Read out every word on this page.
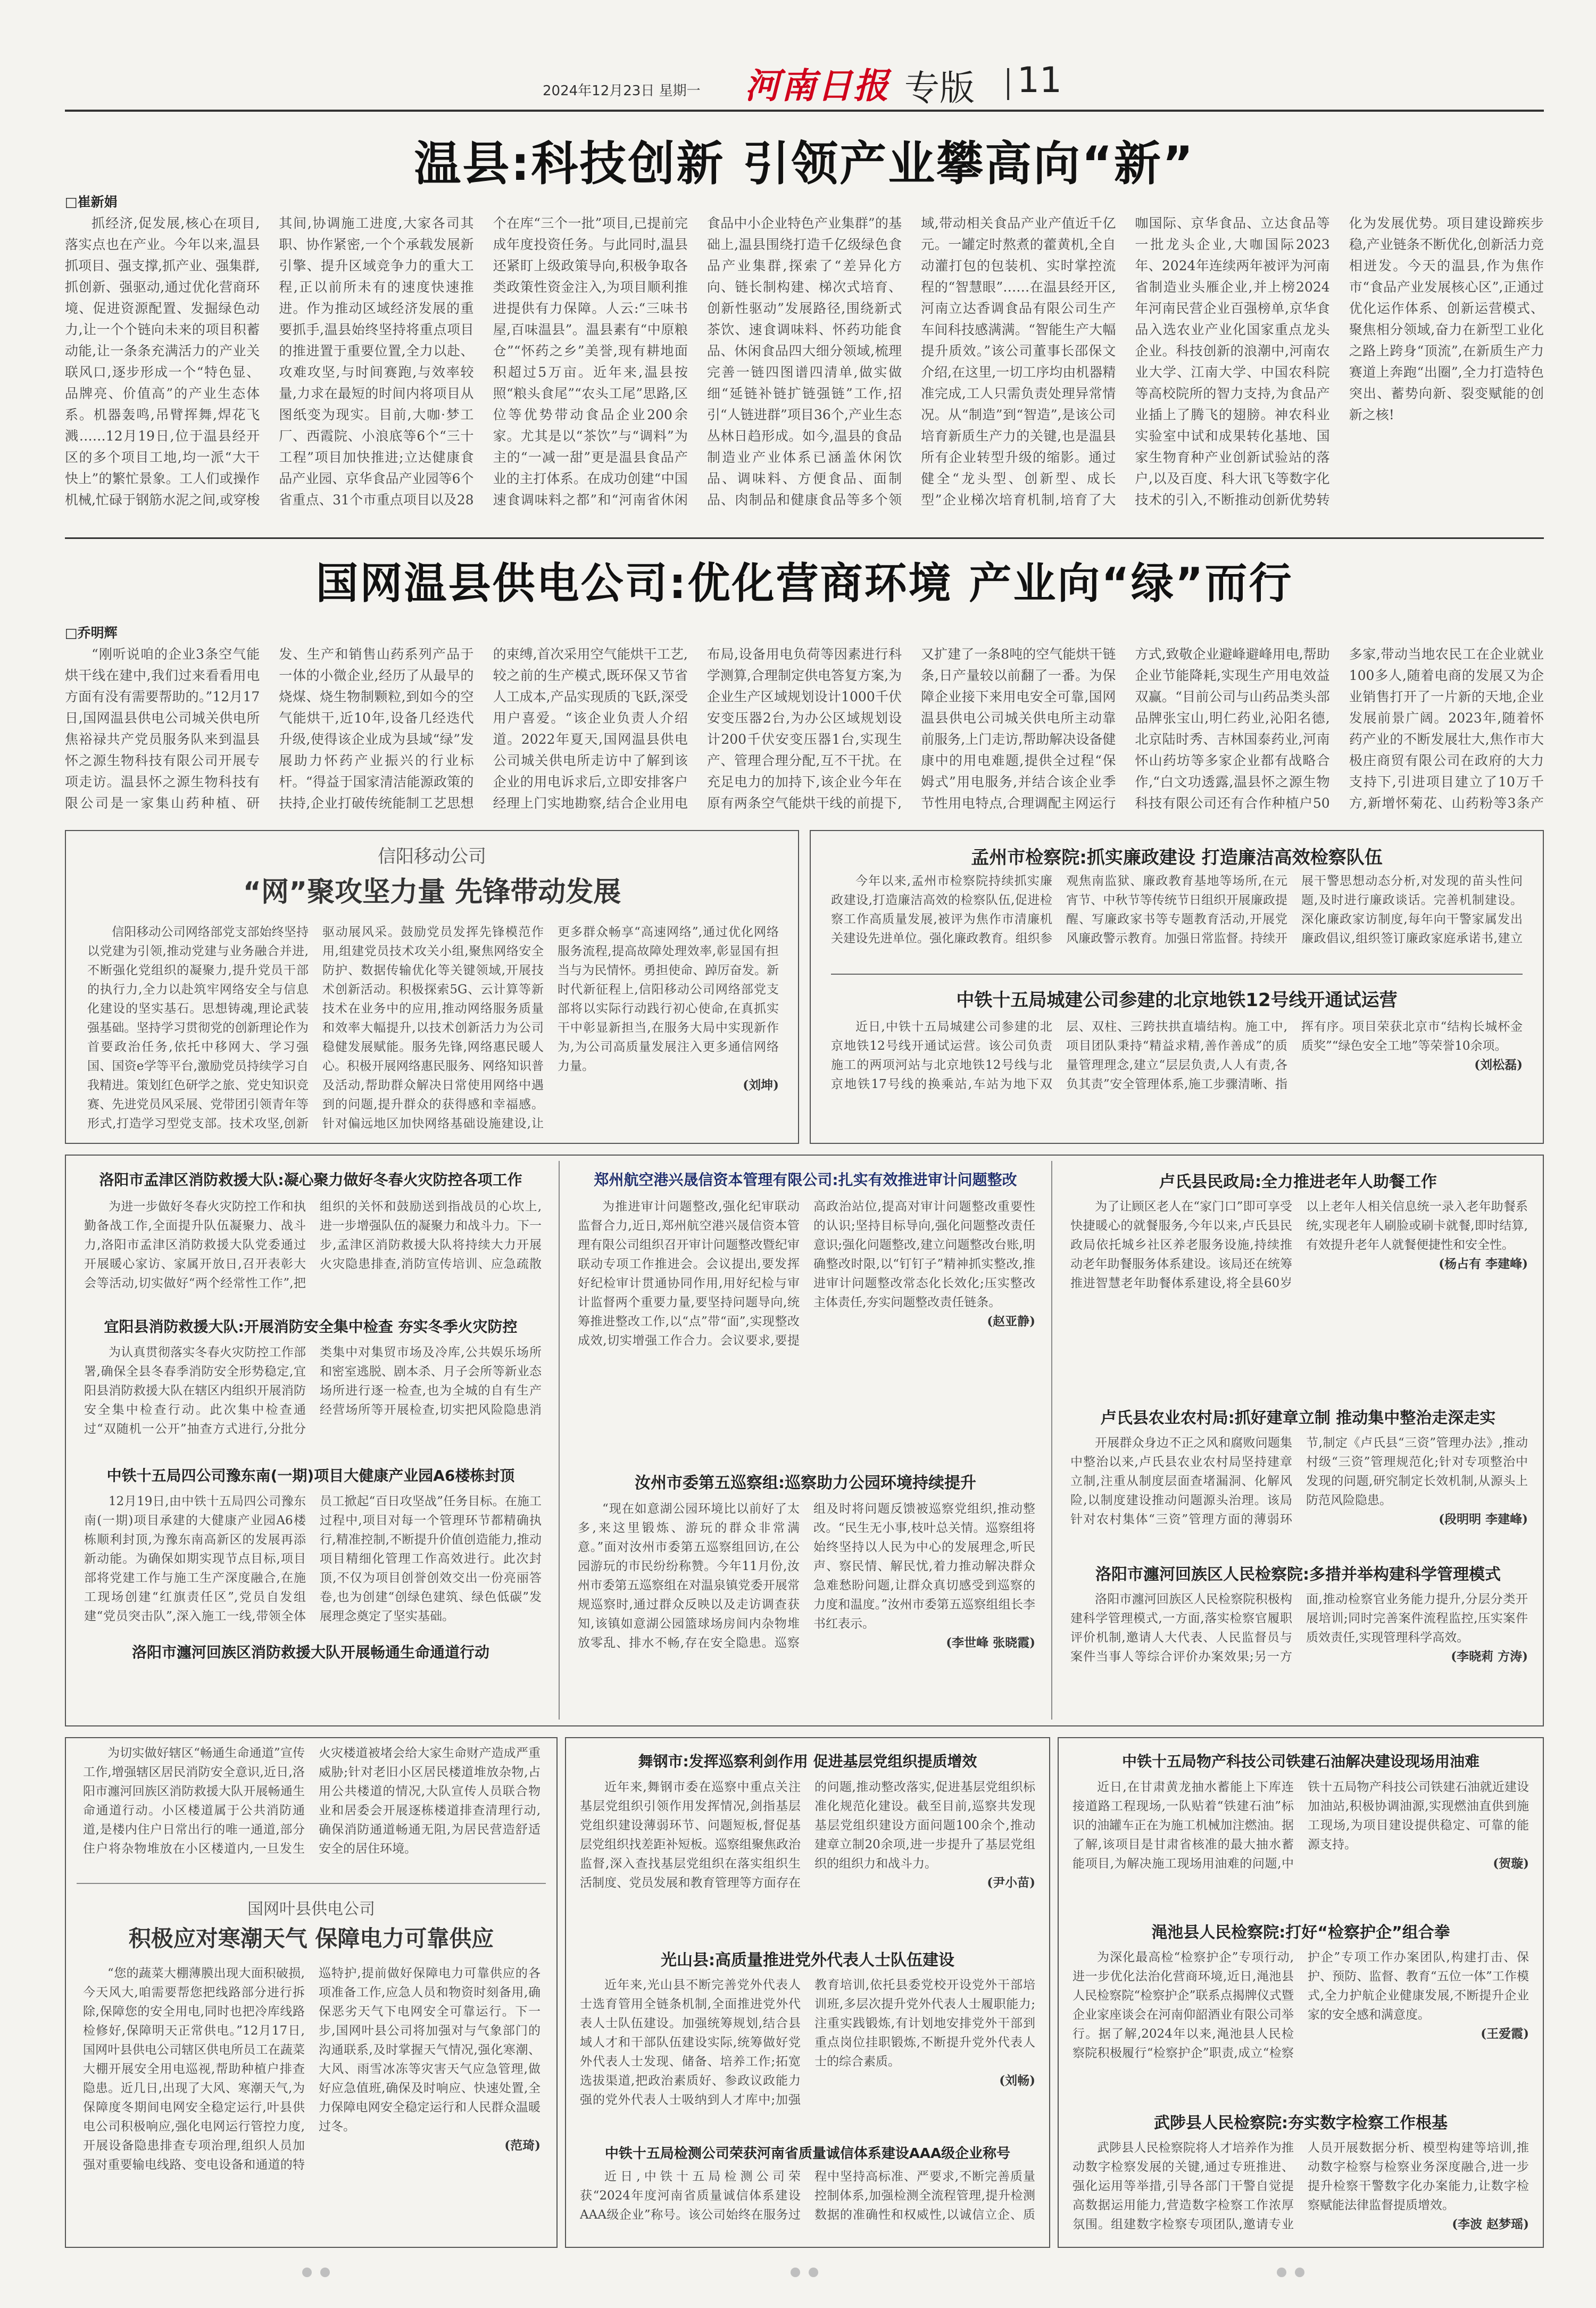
2024年12月23日 星期一	河南日报 专版	11
温县:科技创新 引领产业攀高向“新”
□崔新娟

抓经济,促发展,核心在项目,落实点也在产业。今年以来,温县抓项目、强支撑,抓产业、强集群,抓创新、强驱动,通过优化营商环境、促进资源配置、发掘绿色动力,让一个个链向未来的项目积蓄动能,让一条条充满活力的产业关联风口,逐步形成一个“特色显、品牌亮、价值高”的产业生态体系。机器轰鸣,吊臂挥舞,焊花飞溅……12月19日,位于温县经开区的多个项目工地,均一派“大干快上”的繁忙景象。工人们或操作机械,忙碌于钢筋水泥之间,或穿梭其间,协调施工进度,大家各司其职、协作紧密,一个个承载发展新引擎、提升区域竞争力的重大工程,正以前所未有的速度快速推进。作为推动区域经济发展的重要抓手,温县始终坚持将重点项目的推进置于重要位置,全力以赴、攻难攻坚,与时间赛跑,与效率较量,力求在最短的时间内将项目从图纸变为现实。目前,大咖·梦工厂、西霞院、小浪底等6个“三十工程”项目加快推进;立达健康食品产业园、京华食品产业园等6个省重点、31个市重点项目以及28个在库“三个一批”项目,已提前完成年度投资任务。与此同时,温县还紧盯上级政策导向,积极争取各类政策性资金注入,为项目顺利推进提供有力保障。人云:“三味书屋,百味温县”。温县素有“中原粮仓”“怀药之乡”美誉,现有耕地面积超过5万亩。近年来,温县按照“粮头食尾”“农头工尾”思路,区位等优势带动食品企业200余家。尤其是以“茶饮”与“调料”为主的“一减一甜”更是温县食品产业的主打体系。在成功创建“中国速食调味料之都”和“河南省休闲食品中小企业特色产业集群”的基础上,温县围绕打造千亿级绿色食品产业集群,探索了“差异化方向、链长制构建、梯次式培育、创新性驱动”发展路径,围绕新式茶饮、速食调味料、怀药功能食品、休闲食品四大细分领域,梳理完善一链四图谱四清单,做实做细“延链补链扩链强链”工作,招引“人链进群”项目36个,产业生态丛林日趋形成。如今,温县的食品制造业产业体系已涵盖休闲饮品、调味料、方便食品、面制品、肉制品和健康食品等多个领域,带动相关食品产业产值近千亿元。一罐定时熬煮的藿黄机,全自动灌打包的包装机、实时掌控流程的“智慧眼”……在温县经开区,河南立达香调食品有限公司生产车间科技感满满。“智能生产大幅提升质效。”该公司董事长邵保文介绍,在这里,一切工序均由机器精准完成,工人只需负责处理异常情况。从“制造”到“智造”,是该公司培育新质生产力的关键,也是温县所有企业转型升级的缩影。通过健全“龙头型、创新型、成长型”企业梯次培育机制,培育了大咖国际、京华食品、立达食品等一批龙头企业,大咖国际2023年、2024年连续两年被评为河南省制造业头雁企业,并上榜2024年河南民营企业百强榜单,京华食品入选农业产业化国家重点龙头企业。科技创新的浪潮中,河南农业大学、江南大学、中国农科院等高校院所的智力支持,为食品产业插上了腾飞的翅膀。神农科业实验室中试和成果转化基地、国家生物育种产业创新试验站的落户,以及百度、科大讯飞等数字化技术的引入,不断推动创新优势转化为发展优势。项目建设蹄疾步稳,产业链条不断优化,创新活力竞相迸发。今天的温县,作为焦作市“食品产业发展核心区”,正通过优化运作体系、创新运营模式、聚焦相分领域,奋力在新型工业化之路上跨身“顶流”,在新质生产力赛道上奔跑“出圈”,全力打造特色突出、蓄势向新、裂变赋能的创新之核!

国网温县供电公司:优化营商环境 产业向“绿”而行
□乔明辉

“刚听说咱的企业3条空气能烘干线在建中,我们过来看看用电方面有没有需要帮助的。”12月17日,国网温县供电公司城关供电所焦裕禄共产党员服务队来到温县怀之源生物科技有限公司开展专项走访。温县怀之源生物科技有限公司是一家集山药种植、研发、生产和销售山药系列产品于一体的小微企业,经历了从最早的烧煤、烧生物制颗粒,到如今的空气能烘干,近10年,设备几经迭代升级,使得该企业成为县域“绿”发展助力怀药产业振兴的行业标杆。“得益于国家清洁能源政策的扶持,企业打破传统能制工艺思想的束缚,首次采用空气能烘干工艺,较之前的生产模式,既环保又节省人工成本,产品实现质的飞跃,深受用户喜爱。“该企业负责人介绍道。2022年夏天,国网温县供电公司城关供电所走访中了解到该企业的用电诉求后,立即安排客户经理上门实地勘察,结合企业用电布局,设备用电负荷等因素进行科学测算,合理制定供电答复方案,为企业生产区域规划设计1000千伏安变压器2台,为办公区域规划设计200千伏安变压器1台,实现生产、管理合理分配,互不干扰。在充足电力的加持下,该企业今年在原有两条空气能烘干线的前提下,又扩建了一条8吨的空气能烘干链条,日产量较以前翻了一番。为保障企业接下来用电安全可靠,国网温县供电公司城关供电所主动靠前服务,上门走访,帮助解决设备健康中的用电难题,提供全过程“保姆式”用电服务,并结合该企业季节性用电特点,合理调配主网运行方式,致敬企业避峰避峰用电,帮助企业节能降耗,实现生产用电效益双赢。“目前公司与山药品类头部品牌张宝山,明仁药业,沁阳名德,北京陆时秀、吉林国泰药业,河南怀山药坊等多家企业都有战略合作,“白文功透露,温县怀之源生物科技有限公司还有合作种植户50多家,带动当地农民工在企业就业100多人,随着电商的发展又为企业销售打开了一片新的天地,企业发展前景广阔。2023年,随着怀药产业的不断发展壮大,焦作市大极庄商贸有限公司在政府的大力支持下,引进项目建立了10万千方,新增怀菊花、山药粉等3条产

信阳移动公司
“网”聚攻坚力量 先锋带动发展

信阳移动公司网络部党支部始终坚持以党建为引领,推动党建与业务融合并进,不断强化党组织的凝聚力,提升党员干部的执行力,全力以赴筑牢网络安全与信息化建设的坚实基石。思想铸魂,理论武装强基础。坚持学习贯彻党的创新理论作为首要政治任务,依托中移网大、学习强国、国资e学等平台,激励党员持续学习自我精进。策划红色研学之旅、党史知识竞赛、先进党员风采展、党带团引领青年等形式,打造学习型党支部。技术攻坚,创新驱动展风采。鼓励党员发挥先锋模范作用,组建党员技术攻关小组,聚焦网络安全防护、数据传输优化等关键领域,开展技术创新活动。积极探索5G、云计算等新技术在业务中的应用,推动网络服务质量和效率大幅提升,以技术创新活力为公司稳健发展赋能。服务先锋,网络惠民暖人心。积极开展网络惠民服务、网络知识普及活动,帮助群众解决日常使用网络中遇到的问题,提升群众的获得感和幸福感。针对偏远地区加快网络基础设施建设,让更多群众畅享“高速网络”,通过优化网络服务流程,提高故障处理效率,彰显国有担当与为民情怀。勇担使命、踔厉奋发。新时代新征程上,信阳移动公司网络部党支部将以实际行动践行初心使命,在真抓实干中彰显新担当,在服务大局中实现新作为,为公司高质量发展注入更多通信网络力量。

(刘坤)
孟州市检察院:抓实廉政建设 打造廉洁高效检察队伍

今年以来,孟州市检察院持续抓实廉政建设,打造廉洁高效的检察队伍,促进检察工作高质量发展,被评为焦作市清廉机关建设先进单位。强化廉政教育。组织参观焦南监狱、廉政教育基地等场所,在元宵节、中秋节等传统节日组织开展廉政提醒、写廉政家书等专题教育活动,开展党风廉政警示教育。加强日常监督。持续开展干警思想动态分析,对发现的苗头性问题,及时进行廉政谈话。完善机制建设。深化廉政家访制度,每年向干警家属发出廉政倡议,组织签订廉政家庭承诺书,建立

中铁十五局城建公司参建的北京地铁12号线开通试运营

近日,中铁十五局城建公司参建的北京地铁12号线开通试运营。该公司负责施工的两项河站与北京地铁12号线与北京地铁17号线的换乘站,车站为地下双层、双柱、三跨扶拱直墙结构。施工中,项目团队秉持“精益求精,善作善成”的质量管理理念,建立“层层负责,人人有责,各负其责”安全管理体系,施工步骤清晰、指挥有序。项目荣获北京市“结构长城杯金质奖”“绿色安全工地”等荣誉10余项。

(刘松磊)
洛阳市孟津区消防救援大队:凝心聚力做好冬春火灾防控各项工作

为进一步做好冬春火灾防控工作和执勤备战工作,全面提升队伍凝聚力、战斗力,洛阳市孟津区消防救援大队党委通过开展暖心家访、家属开放日,召开表彰大会等活动,切实做好“两个经常性工作”,把组织的关怀和鼓励送到指战员的心坎上,进一步增强队伍的凝聚力和战斗力。下一步,孟津区消防救援大队将持续大力开展火灾隐患排查,消防宣传培训、应急疏散

宜阳县消防救援大队:开展消防安全集中检查 夯实冬季火灾防控

为认真贯彻落实冬春火灾防控工作部署,确保全县冬春季消防安全形势稳定,宜阳县消防救援大队在辖区内组织开展消防安全集中检查行动。此次集中检查通过“双随机一公开”抽查方式进行,分批分类集中对集贸市场及冷库,公共娱乐场所和密室逃脱、剧本杀、月子会所等新业态场所进行逐一检查,也为全城的自有生产经营场所等开展检查,切实把风险隐患消

中铁十五局四公司豫东南(一期)项目大健康产业园A6楼栋封顶

12月19日,由中铁十五局四公司豫东南(一期)项目承建的大健康产业园A6楼栋顺利封顶,为豫东南高新区的发展再添新动能。为确保如期实现节点目标,项目部将党建工作与施工生产深度融合,在施工现场创建“红旗责任区”,党员自发组建“党员突击队”,深入施工一线,带领全体员工掀起“百日攻坚战”任务目标。在施工过程中,项目对每一个管理环节都精确执行,精准控制,不断提升价值创造能力,推动项目精细化管理工作高效进行。此次封顶,不仅为项目创誉创效交出一份亮丽答卷,也为创建“创绿色建筑、绿色低碳”发展理念奠定了坚实基础。

洛阳市瀍河回族区消防救援大队开展畅通生命通道行动
郑州航空港兴晟信资本管理有限公司:扎实有效推进审计问题整改

为推进审计问题整改,强化纪审联动监督合力,近日,郑州航空港兴晟信资本管理有限公司组织召开审计问题整改暨纪审联动专项工作推进会。会议提出,要发挥好纪检审计贯通协同作用,用好纪检与审计监督两个重要力量,要坚持问题导向,统筹推进整改工作,以“点”带“面”,实现整改成效,切实增强工作合力。会议要求,要提高政治站位,提高对审计问题整改重要性的认识;坚持目标导向,强化问题整改责任意识;强化问题整改,建立问题整改台账,明确整改时限,以“钉钉子”精神抓实整改,推进审计问题整改常态化长效化;压实整改主体责任,夯实问题整改责任链条。

(赵亚静)
汝州市委第五巡察组:巡察助力公园环境持续提升

“现在如意湖公园环境比以前好了太多,来这里锻炼、游玩的群众非常满意。”面对汝州市委第五巡察组回访,在公园游玩的市民纷纷称赞。今年11月份,汝州市委第五巡察组在对温泉镇党委开展常规巡察时,通过群众反映以及走访调查获知,该镇如意湖公园篮球场房间内杂物堆放零乱、排水不畅,存在安全隐患。巡察组及时将问题反馈被巡察党组织,推动整改。“民生无小事,枝叶总关情。巡察组将始终坚持以人民为中心的发展理念,听民声、察民情、解民忧,着力推动解决群众急难愁盼问题,让群众真切感受到巡察的力度和温度。”汝州市委第五巡察组组长李书红表示。

(李世峰 张晓霞)
卢氏县民政局:全力推进老年人助餐工作

为了让顾区老人在“家门口”即可享受快捷暖心的就餐服务,今年以来,卢氏县民政局依托城乡社区养老服务设施,持续推动老年助餐服务体系建设。该局还在统筹推进智慧老年助餐体系建设,将全县60岁以上老年人相关信息统一录入老年助餐系统,实现老年人刷脸或刷卡就餐,即时结算,有效提升老年人就餐便捷性和安全性。

(杨占有 李建峰)
卢氏县农业农村局:抓好建章立制 推动集中整治走深走实

开展群众身边不正之风和腐败问题集中整治以来,卢氏县农业农村局坚持建章立制,注重从制度层面查堵漏洞、化解风险,以制度建设推动问题源头治理。该局针对农村集体“三资”管理方面的薄弱环节,制定《卢氏县“三资”管理办法》,推动村级“三资”管理规范化;针对专项整治中发现的问题,研究制定长效机制,从源头上防范风险隐患。

(段明明 李建峰)
洛阳市瀍河回族区人民检察院:多措并举构建科学管理模式

洛阳市瀍河回族区人民检察院积极构建科学管理模式,一方面,落实检察官履职评价机制,邀请人大代表、人民监督员与案件当事人等综合评价办案效果;另一方面,推动检察官业务能力提升,分层分类开展培训;同时完善案件流程监控,压实案件质效责任,实现管理科学高效。

(李晓莉 方涛)

为切实做好辖区“畅通生命通道”宣传工作,增强辖区居民消防安全意识,近日,洛阳市瀍河回族区消防救援大队开展畅通生命通道行动。小区楼道属于公共消防通道,是楼内住户日常出行的唯一通道,部分住户将杂物堆放在小区楼道内,一旦发生火灾楼道被堵会给大家生命财产造成严重威胁;针对老旧小区居民楼道堆放杂物,占用公共楼道的情况,大队宣传人员联合物业和居委会开展逐栋楼道排查清理行动,确保消防通道畅通无阻,为居民营造舒适安全的居住环境。

国网叶县供电公司
积极应对寒潮天气 保障电力可靠供应

“您的蔬菜大棚薄膜出现大面积破损,今天风大,咱需要帮您把线路部分进行拆除,保障您的安全用电,同时也把冷库线路检修好,保障明天正常供电。”12月17日,国网叶县供电公司辖区供电所员工在蔬菜大棚开展安全用电巡视,帮助种植户排查隐患。近几日,出现了大风、寒潮天气,为保障度冬期间电网安全稳定运行,叶县供电公司积极响应,强化电网运行管控力度,开展设备隐患排查专项治理,组织人员加强对重要输电线路、变电设备和通道的特巡特护,提前做好保障电力可靠供应的各项准备工作,应急人员和物资时刻备用,确保恶劣天气下电网安全可靠运行。下一步,国网叶县公司将加强对与气象部门的沟通联系,及时掌握天气情况,强化寒潮、大风、雨雪冰冻等灾害天气应急管理,做好应急值班,确保及时响应、快速处置,全力保障电网安全稳定运行和人民群众温暖过冬。

(范琦)
舞钢市:发挥巡察利剑作用 促进基层党组织提质增效

近年来,舞钢市委在巡察中重点关注基层党组织引领作用发挥情况,剑指基层党组织建设薄弱环节、问题短板,督促基层党组织找差距补短板。巡察组聚焦政治监督,深入查找基层党组织在落实组织生活制度、党员发展和教育管理等方面存在的问题,推动整改落实,促进基层党组织标准化规范化建设。截至目前,巡察共发现基层党组织建设方面问题100余个,推动建章立制20余项,进一步提升了基层党组织的组织力和战斗力。

(尹小苗)
光山县:高质量推进党外代表人士队伍建设

近年来,光山县不断完善党外代表人士选育管用全链条机制,全面推进党外代表人士队伍建设。加强统筹规划,结合县域人才和干部队伍建设实际,统筹做好党外代表人士发现、储备、培养工作;拓宽选拔渠道,把政治素质好、参政议政能力强的党外代表人士吸纳到人才库中;加强教育培训,依托县委党校开设党外干部培训班,多层次提升党外代表人士履职能力;注重实践锻炼,有计划地安排党外干部到重点岗位挂职锻炼,不断提升党外代表人士的综合素质。

(刘畅)
中铁十五局检测公司荣获河南省质量诚信体系建设AAA级企业称号

近日,中铁十五局检测公司荣获“2024年度河南省质量诚信体系建设AAA级企业”称号。该公司始终在服务过程中坚持高标准、严要求,不断完善质量控制体系,加强检测全流程管理,提升检测数据的准确性和权威性,以诚信立企、质

中铁十五局物产科技公司铁建石油解决建设现场用油难

近日,在甘肃黄龙抽水蓄能上下库连接道路工程现场,一队贴着“铁建石油”标识的油罐车正在为施工机械加注燃油。据了解,该项目是甘肃省核准的最大抽水蓄能项目,为解决施工现场用油难的问题,中铁十五局物产科技公司铁建石油就近建设加油站,积极协调油源,实现燃油直供到施工现场,为项目建设提供稳定、可靠的能源支持。

(贺璇)
渑池县人民检察院:打好“检察护企”组合拳

为深化最高检“检察护企”专项行动,进一步优化法治化营商环境,近日,渑池县人民检察院“检察护企”联系点揭牌仪式暨企业家座谈会在河南仰韶酒业有限公司举行。据了解,2024年以来,渑池县人民检察院积极履行“检察护企”职责,成立“检察护企”专项工作办案团队,构建打击、保护、预防、监督、教育“五位一体”工作模式,全力护航企业健康发展,不断提升企业家的安全感和满意度。

(王爱霞)
武陟县人民检察院:夯实数字检察工作根基

武陟县人民检察院将人才培养作为推动数字检察发展的关键,通过专班推进、强化运用等举措,引导各部门干警自觉提高数据运用能力,营造数字检察工作浓厚氛围。组建数字检察专项团队,邀请专业人员开展数据分析、模型构建等培训,推动数字检察与检察业务深度融合,进一步提升检察干警数字化办案能力,让数字检察赋能法律监督提质增效。

(李波 赵梦瑶)
